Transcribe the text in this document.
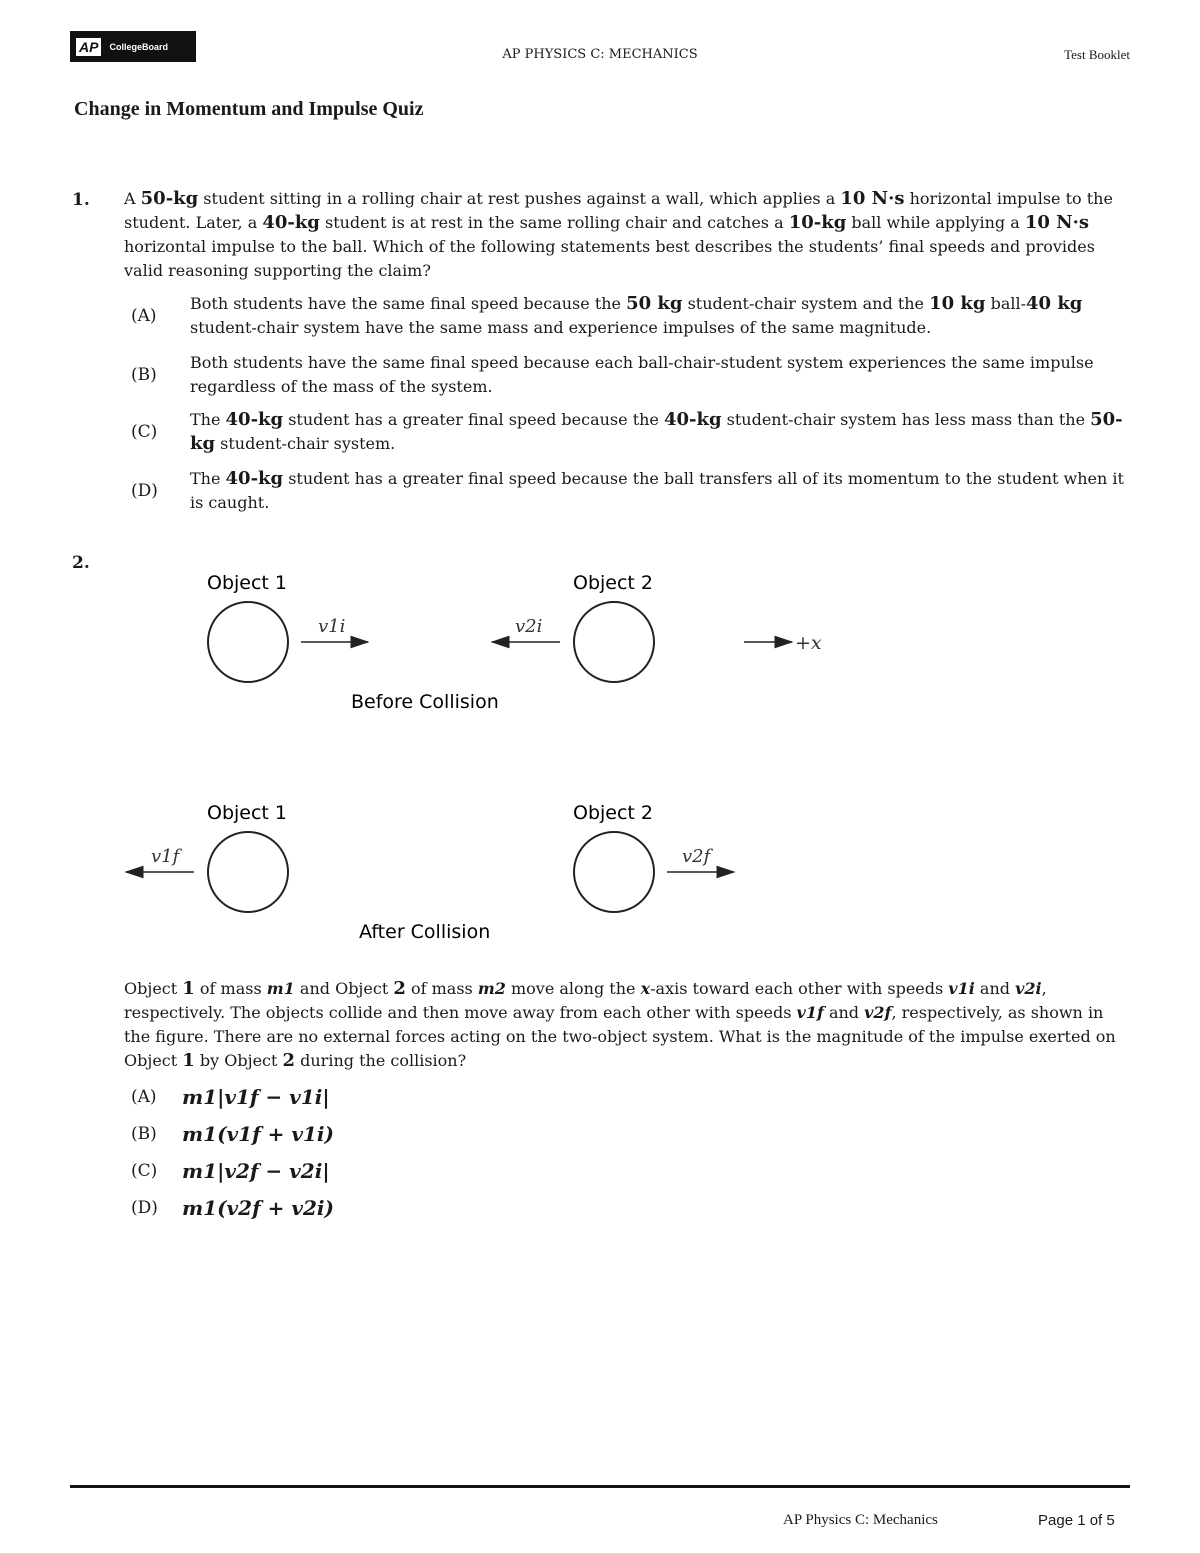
AP	CollegeBoard
AP PHYSICS C: MECHANICS	Test Booklet
Change in Momentum and Impulse Quiz
1. A 50-kg student sitting in a rolling chair at rest pushes against a wall, which applies a 10 N·s horizontal impulse to the student. Later, a 40-kg student is at rest in the same rolling chair and catches a 10-kg ball while applying a 10 N·s horizontal impulse to the ball. Which of the following statements best describes the students’ final speeds and provides valid reasoning supporting the claim?
(A)
Both students have the same final speed because the 50 kg student-chair system and the 10 kg ball-40 kg student-chair system have the same mass and experience impulses of the same magnitude.
(B)
Both students have the same final speed because each ball-chair-student system experiences the same impulse regardless of the mass of the system.
(C)
The 40-kg student has a greater final speed because the 40-kg student-chair system has less mass than the 50-kg student-chair system.
(D)
The 40-kg student has a greater final speed because the ball transfers all of its momentum to the student when it is caught.
2.
Object 1	Object 2
v1i	v2i
+x
Before Collision
Object 1	Object 2
v1f	v2f
After Collision
Object 1 of mass m1 and Object 2 of mass m2 move along the x-axis toward each other with speeds v1i and v2i, respectively. The objects collide and then move away from each other with speeds v1f and v2f, respectively, as shown in the figure. There are no external forces acting on the two-object system. What is the magnitude of the impulse exerted on Object 1 by Object 2 during the collision?
(A)	m1|v1f − v1i|
(B)	m1(v1f + v1i)
(C)	m1|v2f − v2i|
(D)	m1(v2f + v2i)
AP Physics C: Mechanics	Page 1 of 5
